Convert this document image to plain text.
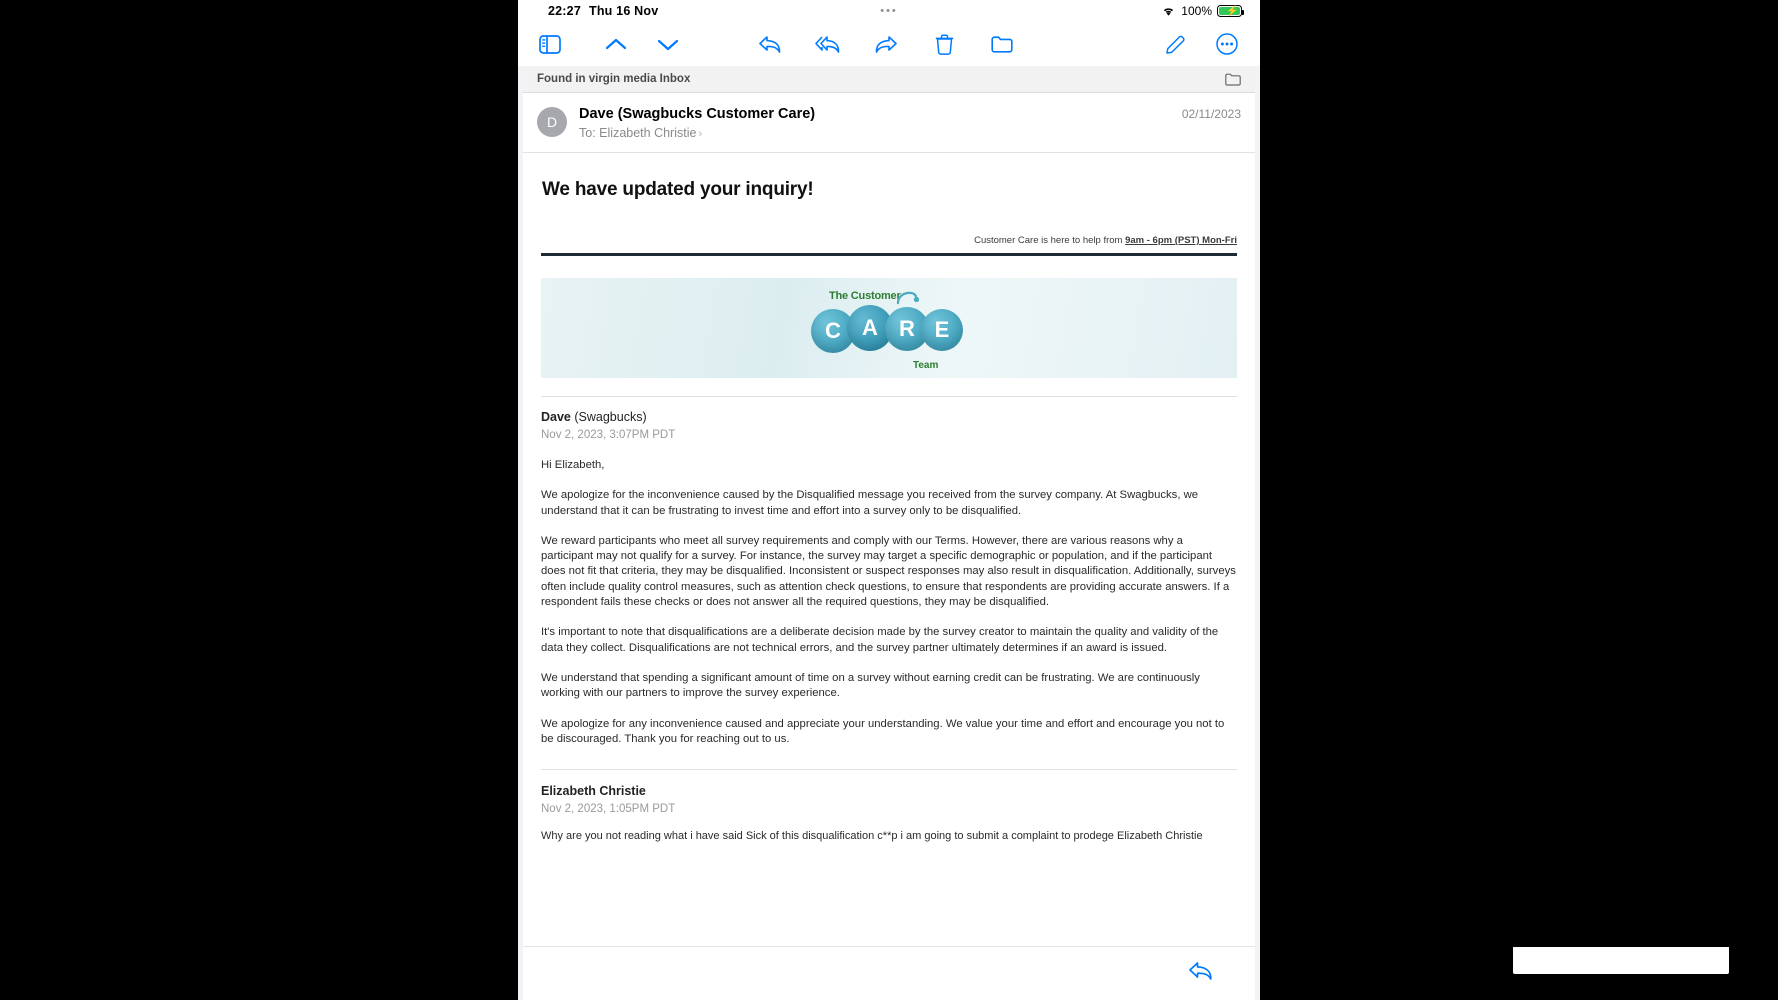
22:27 Thu 16 Nov	•••	100% ⚡
Found in virgin media Inbox
D	Dave (Swagbucks Customer Care)
To: Elizabeth Christie ›
02/11/2023
We have updated your inquiry!
Customer Care is here to help from 9am - 6pm (PST) Mon-Fri
The Customer
C A R E
Team
Dave (Swagbucks)
Nov 2, 2023, 3:07PM PDT
Hi Elizabeth,
We apologize for the inconvenience caused by the Disqualified message you received from the survey company. At Swagbucks, we understand that it can be frustrating to invest time and effort into a survey only to be disqualified.
We reward participants who meet all survey requirements and comply with our Terms. However, there are various reasons why a participant may not qualify for a survey. For instance, the survey may target a specific demographic or population, and if the participant does not fit that criteria, they may be disqualified. Inconsistent or suspect responses may also result in disqualification. Additionally, surveys often include quality control measures, such as attention check questions, to ensure that respondents are providing accurate answers. If a respondent fails these checks or does not answer all the required questions, they may be disqualified.
It's important to note that disqualifications are a deliberate decision made by the survey creator to maintain the quality and validity of the data they collect. Disqualifications are not technical errors, and the survey partner ultimately determines if an award is issued.
We understand that spending a significant amount of time on a survey without earning credit can be frustrating. We are continuously working with our partners to improve the survey experience.
We apologize for any inconvenience caused and appreciate your understanding. We value your time and effort and encourage you not to be discouraged. Thank you for reaching out to us.
Elizabeth Christie
Nov 2, 2023, 1:05PM PDT
Why are you not reading what i have said Sick of this disqualification c**p i am going to submit a complaint to prodege Elizabeth Christie
